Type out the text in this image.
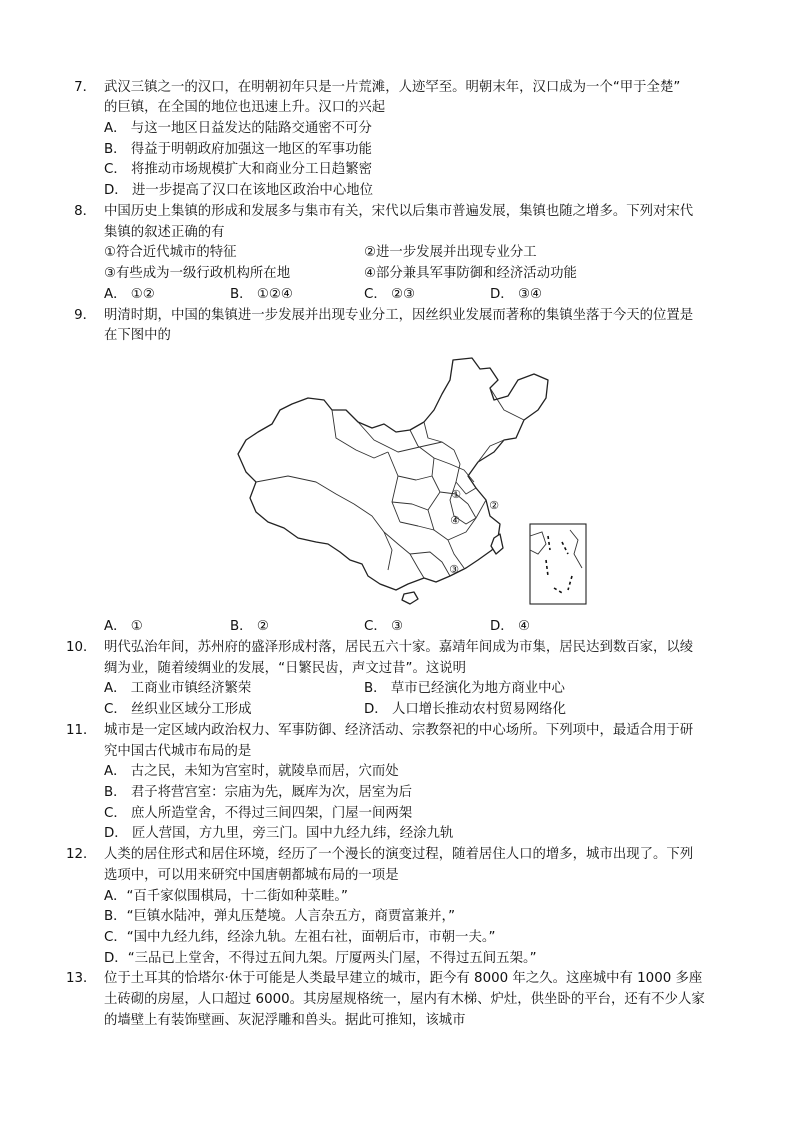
7． 武汉三镇之一的汉口，在明朝初年只是一片荒滩，人迹罕至。明朝末年，汉口成为一个“甲于全楚”
的巨镇，在全国的地位也迅速上升。汉口的兴起
A． 与这一地区日益发达的陆路交通密不可分
B． 得益于明朝政府加强这一地区的军事功能
C． 将推动市场规模扩大和商业分工日趋繁密
D． 进一步提高了汉口在该地区政治中心地位
8． 中国历史上集镇的形成和发展多与集市有关，宋代以后集市普遍发展，集镇也随之增多。下列对宋代
集镇的叙述正确的有
①符合近代城市的特征	②进一步发展并出现专业分工
③有些成为一级行政机构所在地	④部分兼具军事防御和经济活动功能
A． ①②	B． ①②④	C． ②③	D． ③④
9． 明清时期，中国的集镇进一步发展并出现专业分工，因丝织业发展而著称的集镇坐落于今天的位置是
在下图中的
①
②
③
④
A． ①	B． ②	C． ③	D． ④
10． 明代弘治年间，苏州府的盛泽形成村落，居民五六十家。嘉靖年间成为市集，居民达到数百家，以绫
绸为业，随着绫绸业的发展，“日繁民齿，声文过昔”。这说明
A． 工商业市镇经济繁荣	B． 草市已经演化为地方商业中心
C． 丝织业区域分工形成	D． 人口增长推动农村贸易网络化
11． 城市是一定区域内政治权力、军事防御、经济活动、宗教祭祀的中心场所。下列项中，最适合用于研
究中国古代城市布局的是
A． 古之民，未知为宫室时，就陵阜而居，穴而处
B． 君子将营宫室：宗庙为先，厩库为次，居室为后
C． 庶人所造堂舍，不得过三间四架，门屋一间两架
D． 匠人营国，方九里，旁三门。国中九经九纬，经涂九轨
12． 人类的居住形式和居住环境，经历了一个漫长的演变过程，随着居住人口的增多，城市出现了。下列
选项中，可以用来研究中国唐朝都城布局的一项是
A．“百千家似围棋局，十二街如种菜畦。”
B．“巨镇水陆冲，弹丸压楚境。人言杂五方，商贾富兼并，”
C．“国中九经九纬，经涂九轨。左祖右社，面朝后市，市朝一夫。”
D．“三品已上堂舍，不得过五间九架。厅厦两头门屋，不得过五间五架。”
13． 位于土耳其的恰塔尔·休于可能是人类最早建立的城市，距今有 8000 年之久。这座城中有 1000 多座
土砖砌的房屋，人口超过 6000。其房屋规格统一，屋内有木梯、炉灶，供坐卧的平台，还有不少人家
的墙壁上有装饰壁画、灰泥浮雕和兽头。据此可推知，该城市
